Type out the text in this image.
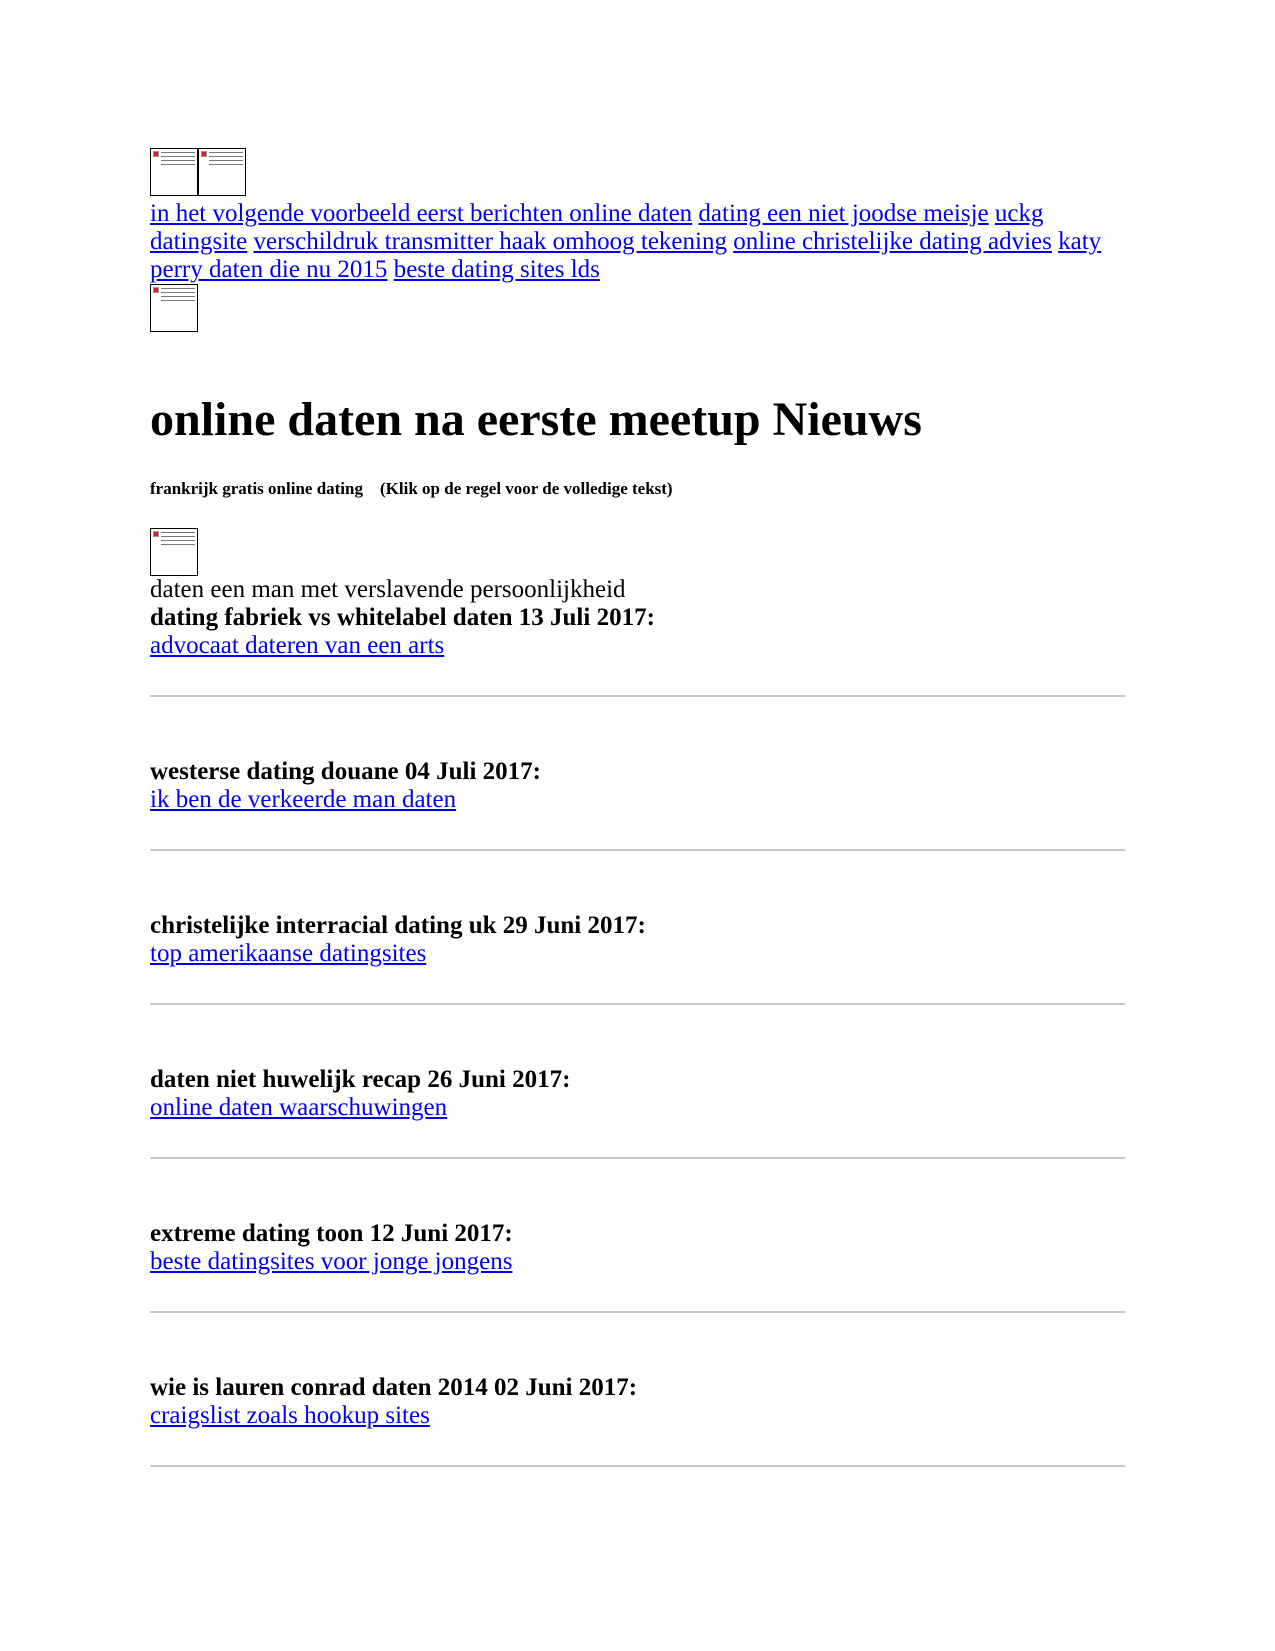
in het volgende voorbeeld eerst berichten online daten dating een niet joodse meisje uckg datingsite verschildruk transmitter haak omhoog tekening online christelijke dating advies katy perry daten die nu 2015 beste dating sites lds
online daten na eerste meetup Nieuws
frankrijk gratis online dating (Klik op de regel voor de volledige tekst)
daten een man met verslavende persoonlijkheid
dating fabriek vs whitelabel daten 13 Juli 2017:
advocaat dateren van een arts
westerse dating douane 04 Juli 2017:
ik ben de verkeerde man daten
christelijke interracial dating uk 29 Juni 2017:
top amerikaanse datingsites
daten niet huwelijk recap 26 Juni 2017:
online daten waarschuwingen
extreme dating toon 12 Juni 2017:
beste datingsites voor jonge jongens
wie is lauren conrad daten 2014 02 Juni 2017:
craigslist zoals hookup sites
